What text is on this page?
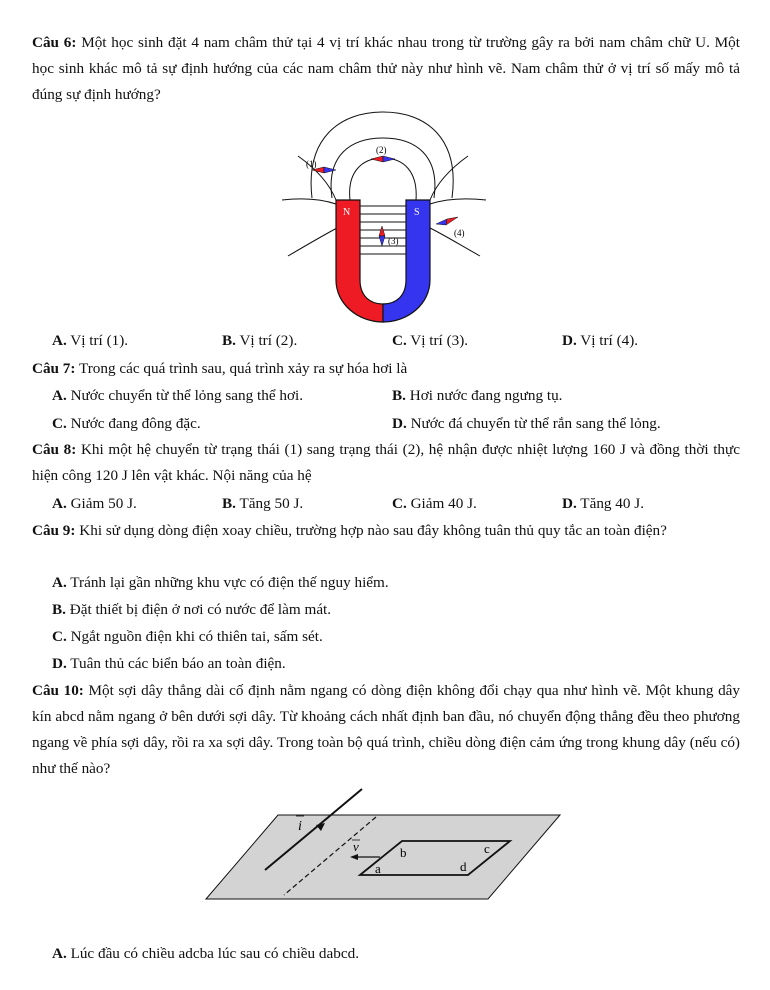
Câu 6: Một học sinh đặt 4 nam châm thử tại 4 vị trí khác nhau trong từ trường gây ra bởi nam châm chữ U. Một học sinh khác mô tả sự định hướng của các nam châm thử này như hình vẽ. Nam châm thử ở vị trí số mấy mô tả đúng sự định hướng?

N	S
(1)
(2)
(3)
(4)
A. Vị trí (1).	B. Vị trí (2).	C. Vị trí (3).	D. Vị trí (4).

Câu 7: Trong các quá trình sau, quá trình xảy ra sự hóa hơi là

A. Nước chuyển từ thể lỏng sang thể hơi.	B. Hơi nước đang ngưng tụ.
C. Nước đang đông đặc.	D. Nước đá chuyển từ thể rắn sang thể lỏng.

Câu 8: Khi một hệ chuyển từ trạng thái (1) sang trạng thái (2), hệ nhận được nhiệt lượng 160 J và đồng thời thực hiện công 120 J lên vật khác. Nội năng của hệ

A. Giảm 50 J.	B. Tăng 50 J.	C. Giảm 40 J.	D. Tăng 40 J.

Câu 9: Khi sử dụng dòng điện xoay chiều, trường hợp nào sau đây không tuân thủ quy tắc an toàn điện?

A. Tránh lại gần những khu vực có điện thế nguy hiểm.
B. Đặt thiết bị điện ở nơi có nước để làm mát.
C. Ngắt nguồn điện khi có thiên tai, sấm sét.
D. Tuân thủ các biển báo an toàn điện.

Câu 10: Một sợi dây thẳng dài cố định nằm ngang có dòng điện không đổi chạy qua như hình vẽ. Một khung dây kín abcd nằm ngang ở bên dưới sợi dây. Từ khoảng cách nhất định ban đầu, nó chuyển động thẳng đều theo phương ngang về phía sợi dây, rồi ra xa sợi dây. Trong toàn bộ quá trình, chiều dòng điện cảm ứng trong khung dây (nếu có) như thế nào?

i
a
b	c
d
v
A. Lúc đầu có chiều adcba lúc sau có chiều dabcd.
